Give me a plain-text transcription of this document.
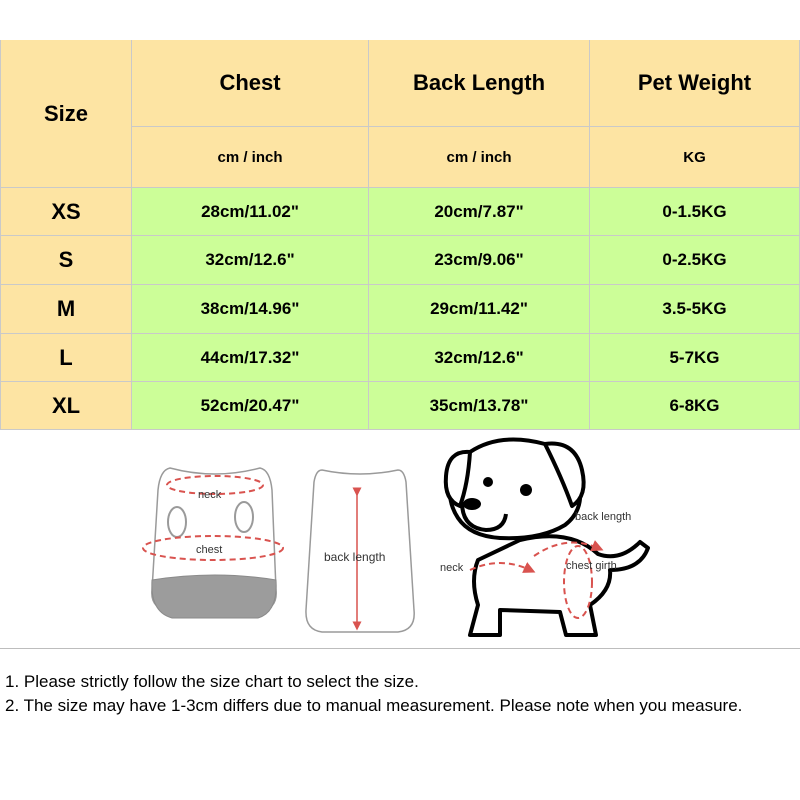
Size
Chest	Back Length	Pet Weight
cm / inch	cm / inch	KG
XS	28cm/11.02"	20cm/7.87"	0-1.5KG
S	32cm/12.6"	23cm/9.06"	0-2.5KG
M	38cm/14.96"	29cm/11.42"	3.5-5KG
L	44cm/17.32"	32cm/12.6"	5-7KG
XL	52cm/20.47"	35cm/13.78"	6-8KG
neck
chest	back length
back length
neck	chest girth

1. Please strictly follow the size chart to select the size.

2. The size may have 1-3cm differs due to manual measurement. Please note when you measure.
